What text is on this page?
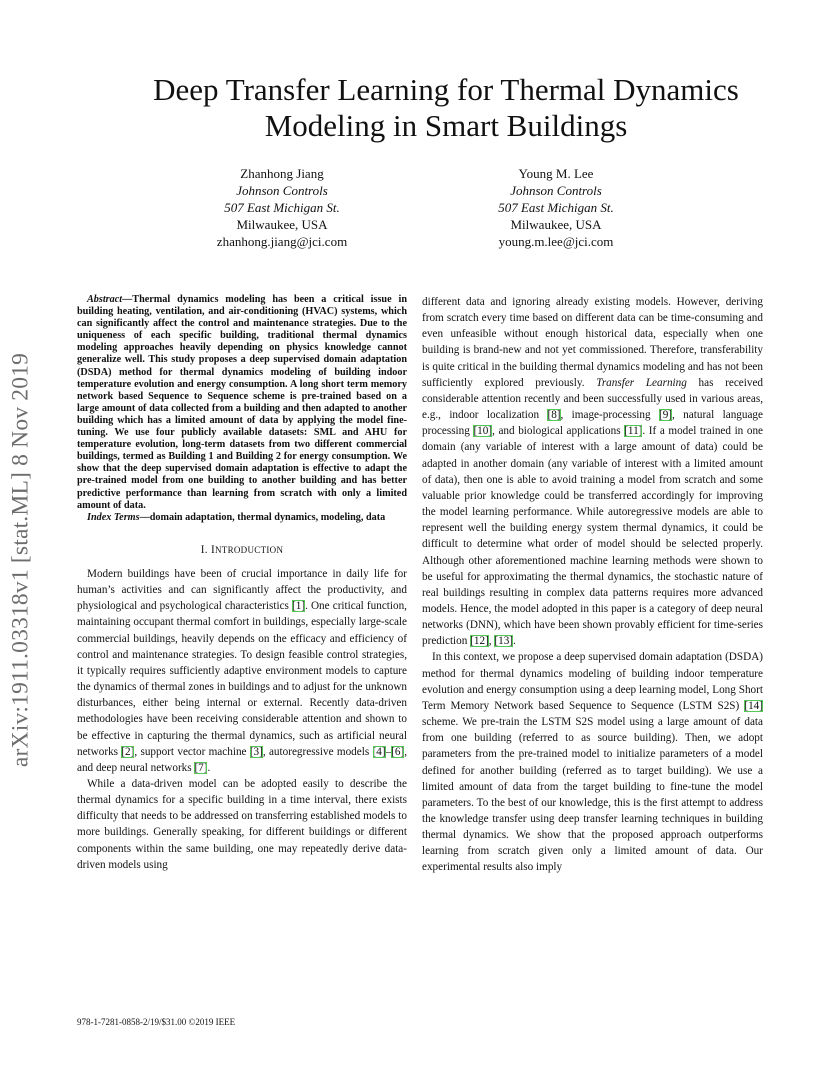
arXiv:1911.03318v1 [stat.ML] 8 Nov 2019
Deep Transfer Learning for Thermal Dynamics
Modeling in Smart Buildings
Zhanhong Jiang
Johnson Controls
507 East Michigan St.
Milwaukee, USA
zhanhong.jiang@jci.com
Young M. Lee
Johnson Controls
507 East Michigan St.
Milwaukee, USA
young.m.lee@jci.com

Abstract—Thermal dynamics modeling has been a critical issue in building heating, ventilation, and air-conditioning (HVAC) systems, which can significantly affect the control and maintenance strategies. Due to the uniqueness of each specific building, traditional thermal dynamics modeling approaches heavily depending on physics knowledge cannot generalize well. This study proposes a deep supervised domain adaptation (DSDA) method for thermal dynamics modeling of building indoor temperature evolution and energy consumption. A long short term memory network based Sequence to Sequence scheme is pre-trained based on a large amount of data collected from a building and then adapted to another building which has a limited amount of data by applying the model fine-tuning. We use four publicly available datasets: SML and AHU for temperature evolution, long-term datasets from two different commercial buildings, termed as Building 1 and Building 2 for energy consumption. We show that the deep supervised domain adaptation is effective to adapt the pre-trained model from one building to another building and has better predictive performance than learning from scratch with only a limited amount of data.

Index Terms—domain adaptation, thermal dynamics, modeling, data

I. INTRODUCTION

Modern buildings have been of crucial importance in daily life for human’s activities and can significantly affect the productivity, and physiological and psychological characteristics [1]. One critical function, maintaining occupant thermal comfort in buildings, especially large-scale commercial buildings, heavily depends on the efficacy and efficiency of control and maintenance strategies. To design feasible control strategies, it typically requires sufficiently adaptive environment models to capture the dynamics of thermal zones in buildings and to adjust for the unknown disturbances, either being internal or external. Recently data-driven methodologies have been receiving considerable attention and shown to be effective in capturing the thermal dynamics, such as artificial neural networks [2], support vector machine [3], autoregressive models [4]–[6], and deep neural networks [7].

While a data-driven model can be adopted easily to describe the thermal dynamics for a specific building in a time interval, there exists difficulty that needs to be addressed on transferring established models to more buildings. Generally speaking, for different buildings or different components within the same building, one may repeatedly derive data-driven models using

different data and ignoring already existing models. However, deriving from scratch every time based on different data can be time-consuming and even unfeasible without enough historical data, especially when one building is brand-new and not yet commissioned. Therefore, transferability is quite critical in the building thermal dynamics modeling and has not been sufficiently explored previously. Transfer Learning has received considerable attention recently and been successfully used in various areas, e.g., indoor localization [8], image-processing [9], natural language processing [10], and biological applications [11]. If a model trained in one domain (any variable of interest with a large amount of data) could be adapted in another domain (any variable of interest with a limited amount of data), then one is able to avoid training a model from scratch and some valuable prior knowledge could be transferred accordingly for improving the model learning performance. While autoregressive models are able to represent well the building energy system thermal dynamics, it could be difficult to determine what order of model should be selected properly. Although other aforementioned machine learning methods were shown to be useful for approximating the thermal dynamics, the stochastic nature of real buildings resulting in complex data patterns requires more advanced models. Hence, the model adopted in this paper is a category of deep neural networks (DNN), which have been shown provably efficient for time-series prediction [12], [13].

In this context, we propose a deep supervised domain adaptation (DSDA) method for thermal dynamics modeling of building indoor temperature evolution and energy consumption using a deep learning model, Long Short Term Memory Network based Sequence to Sequence (LSTM S2S) [14] scheme. We pre-train the LSTM S2S model using a large amount of data from one building (referred to as source building). Then, we adopt parameters from the pre-trained model to initialize parameters of a model defined for another building (referred as to target building). We use a limited amount of data from the target building to fine-tune the model parameters. To the best of our knowledge, this is the first attempt to address the knowledge transfer using deep transfer learning techniques in building thermal dynamics. We show that the proposed approach outperforms learning from scratch given only a limited amount of data. Our experimental results also imply

978-1-7281-0858-2/19/$31.00 ©2019 IEEE
